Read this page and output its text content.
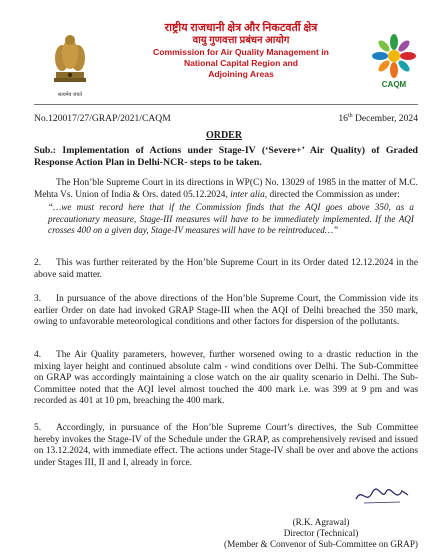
सत्यमेव जयते
राष्ट्रीय राजधानी क्षेत्र और निकटवर्ती क्षेत्र
वायु गुणवत्ता प्रबंधन आयोग
Commission for Air Quality Management in
National Capital Region and
Adjoining Areas
CAQM
No.120017/27/GRAP/2021/CAQM	16th December, 2024
ORDER
Sub.: Implementation of Actions under Stage-IV (‘Severe+’ Air Quality) of Graded Response Action Plan in Delhi-NCR- steps to be taken.
The Hon’ble Supreme Court in its directions in WP(C) No. 13029 of 1985 in the matter of M.C. Mehta Vs. Union of India & Ors. dated 05.12.2024, inter alia, directed the Commission as under:
“…we must record here that if the Commission finds that the AQI goes above 350, as a precautionary measure, Stage-III measures will have to be immediately implemented. If the AQI crosses 400 on a given day, Stage-IV measures will have to be reintroduced…”
2. This was further reiterated by the Hon’ble Supreme Court in its Order dated 12.12.2024 in the above said matter.
3. In pursuance of the above directions of the Hon’ble Supreme Court, the Commission vide its earlier Order on date had invoked GRAP Stage-III when the AQI of Delhi breached the 350 mark, owing to unfavorable meteorological conditions and other factors for dispersion of the pollutants.
4. The Air Quality parameters, however, further worsened owing to a drastic reduction in the mixing layer height and continued absolute calm - wind conditions over Delhi. The Sub-Committee on GRAP was accordingly maintaining a close watch on the air quality scenario in Delhi. The Sub-Committee noted that the AQI level almost touched the 400 mark i.e. was 399 at 9 pm and was recorded as 401 at 10 pm, breaching the 400 mark.
5. Accordingly, in pursuance of the Hon’ble Supreme Court’s directives, the Sub Committee hereby invokes the Stage-IV of the Schedule under the GRAP, as comprehensively revised and issued on 13.12.2024, with immediate effect. The actions under Stage-IV shall be over and above the actions under Stages III, II and I, already in force.
(R.K. Agrawal)
Director (Technical)
(Member & Convenor of Sub-Committee on GRAP)
